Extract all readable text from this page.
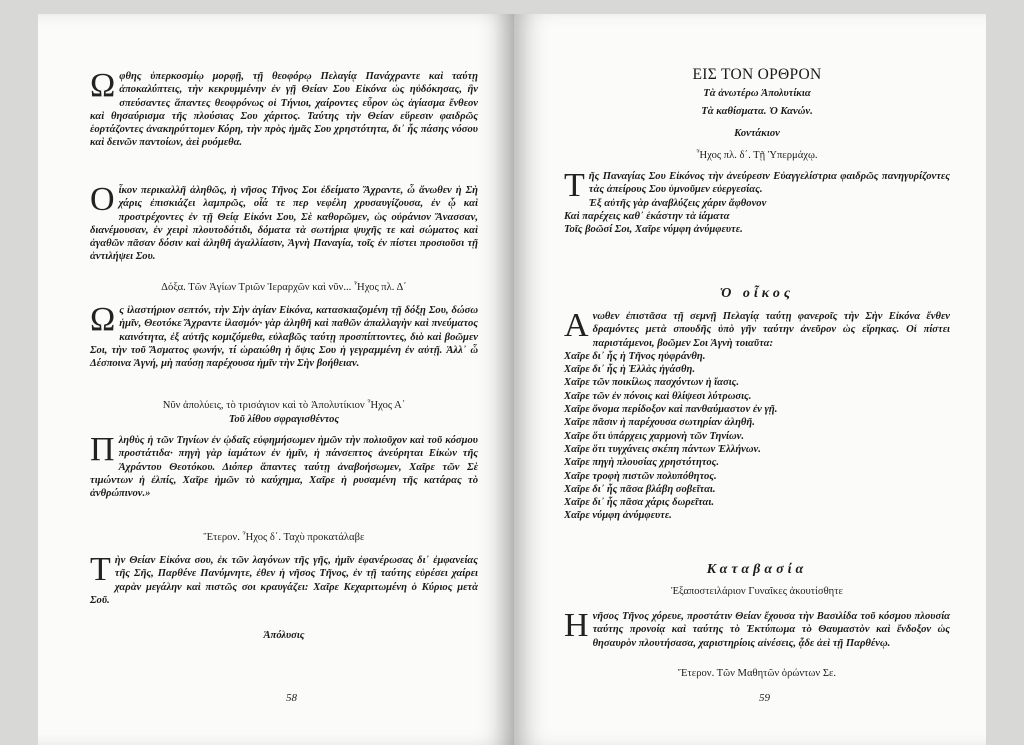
Ω φθης ὑπερκοσμίῳ μορφῇ, τῇ θεοφόρῳ Πελαγίᾳ Πανάχραντε καὶ ταύτῃ ἀποκαλύπτεις, τὴν κεκρυμμένην ἐν γῇ Θείαν Σου Εἰκόνα ὡς ηὐδόκησας, ἣν σπεύσαντες ἅπαντες θεοφρόνως οἱ Τήνιοι, χαίροντες εὗρον ὡς ἁγίασμα ἔνθεον καὶ θησαύρισμα τῆς πλούσιας Σου χάριτος. Ταύτης τὴν Θείαν εὕρεσιν φαιδρῶς ἑορτάζοντες ἀνακηρύττομεν Κόρη, τὴν πρὸς ἡμᾶς Σου χρηστότητα, δι᾿ ἧς πάσης νόσου καὶ δεινῶν παντοίων, ἀεὶ ρυόμεθα.

O ἶκον περικαλλῆ ἀληθῶς, ἡ νῆσος Τῆνος Σοι ἐδείματο Ἄχραντε, ὦ ἄνωθεν ἡ Σὴ χάρις ἐπισκιάζει λαμπρῶς, οἷά τε περ νεφέλη χρυσαυγίζουσα, ἐν ᾧ καὶ προστρέχοντες ἐν τῇ Θείᾳ Εἰκόνι Σου, Σὲ καθορῶμεν, ὡς οὐράνιον Ἄνασσαν, διανέμουσαν, ἐν χειρὶ πλουτοδότιδι, δόματα τὰ σωτήρια ψυχῆς τε καὶ σώματος καὶ ἀγαθῶν πᾶσαν δόσιν καὶ ἀληθῆ ἀγαλλίασιν, Ἁγνὴ Παναγία, τοῖς ἐν πίστει προσιοῦσι τῇ ἀντιλήψει Σου.

Δόξα. Τῶν Ἁγίων Τριῶν Ἱεραρχῶν καὶ νῦν... Ἦχος πλ. Δ΄

Ω ς ἱλαστήριον σεπτόν, τὴν Σὴν ἁγίαν Εἰκόνα, κατασκιαζομένη τῇ δόξῃ Σου, δώσω ἡμῖν, Θεοτόκε Ἄχραντε ἱλασμόν· γὰρ ἀληθῆ καὶ παθῶν ἀπαλλαγὴν καὶ πνεύματος καινότητα, ἐξ αὐτῆς κομιζόμεθα, εὐλαβῶς ταύτῃ προσπίπτοντες, διὸ καὶ βοῶμεν Σοι, τὴν τοῦ Ἄσματος φωνήν, τί ὡραιώθη ἡ ὄψις Σου ἡ γεγραμμένη ἐν αὐτῇ. Ἀλλ᾿ ὦ Δέσποινα Ἁγνή, μὴ παύσῃ παρέχουσα ἡμῖν τὴν Σὴν βοήθειαν.

Νῦν ἀπολύεις, τὸ τρισάγιον καὶ τὸ Ἀπολυτίκιον Ἦχος Α΄
Τοῦ λίθου σφραγισθέντος

Π ληθὺς ἡ τῶν Τηνίων ἐν ᾠδαῖς εὐφημήσωμεν ἡμῶν τὴν πολιοῦχον καὶ τοῦ κόσμου προστάτιδα· πηγὴ γὰρ ἰαμάτων ἐν ἡμῖν, ἡ πάνσεπτος ἀνεύρηται Εἰκὼν τῆς Ἀχράντου Θεοτόκου. Διόπερ ἅπαντες ταύτῃ ἀναβοήσωμεν, Χαῖρε τῶν Σὲ τιμώντων ἡ ἐλπίς, Χαῖρε ἡμῶν τὸ καύχημα, Χαῖρε ἡ ρυσαμένη τῆς κατάρας τὸ ἀνθρώπινον.»

Ἕτερον. Ἦχος δ΄. Ταχὺ προκατάλαβε

T ὴν Θείαν Εἰκόνα σου, ἐκ τῶν λαγόνων τῆς γῆς, ἡμῖν ἐφανέρωσας δι᾿ ἐμφανείας τῆς Σῆς, Παρθένε Πανύμνητε, ἐθεν ἡ νῆσος Τῆνος, ἐν τῇ ταύτης εὑρέσει χαίρει χαρὰν μεγάλην καὶ πιστῶς σοι κραυγάζει: Χαῖρε Κεχαριτωμένη ὁ Κύριος μετὰ Σοῦ.

Ἀπόλυσις
58
ΕΙΣ ΤΟΝ ΟΡΘΡΟΝ
Τὰ ἀνωτέρω Ἀπολυτίκια
Τὰ καθίσματα. Ὁ Κανών.
Κοντάκιον
Ἦχος πλ. δ΄. Τῇ Ὑπερμάχῳ.

T ῆς Παναγίας Σου Εἰκόνος τὴν ἀνεύρεσιν Εὐαγγελίστρια φαιδρῶς πανηγυρίζοντες τὰς ἀπείρους Σου ὑμνοῦμεν εὐεργεσίας.
Ἐξ αὐτῆς γὰρ ἀναβλύζεις χάριν ἄφθονον
Καὶ παρέχεις καθ᾿ ἑκάστην τὰ ἰάματα
Τοῖς βοῶσί Σοι, Χαῖρε νύμφη ἀνύμφευτε.

Ὁ οἶκος

A νωθεν ἐπιστᾶσα τῇ σεμνῇ Πελαγίᾳ ταύτῃ φανεροῖς τὴν Σὴν Εἰκόνα ἔνθεν δραμόντες μετὰ σπουδῆς ὑπὸ γῆν ταύτην ἀνεῦρον ὡς εἴρηκας. Οἱ πίστει παριστάμενοι, βοῶμεν Σοι Ἁγνὴ τοιαῦτα:
Χαῖρε δι᾿ ἧς ἡ Τῆνος ηὐφράνθη.
Χαῖρε δι᾿ ἧς ἡ Ἑλλὰς ἠγάσθη.
Χαῖρε τῶν ποικίλως πασχόντων ἡ ἴασις.
Χαῖρε τῶν ἐν πόνοις καὶ θλίψεσι λύτρωσις.
Χαῖρε ὄνομα περίδοξον καὶ πανθαύμαστον ἐν γῇ.
Χαῖρε πᾶσιν ἡ παρέχουσα σωτηρίαν ἀληθῆ.
Χαῖρε ὅτι ὑπάρχεις χαρμονὴ τῶν Τηνίων.
Χαῖρε ὅτι τυγχάνεις σκέπη πάντων Ἑλλήνων.
Χαῖρε πηγὴ πλουσίας χρηστότητος.
Χαῖρε τροφὴ πιστῶν πολυπόθητος.
Χαῖρε δι᾿ ἧς πᾶσα βλάβη σοβεῖται.
Χαῖρε δι᾿ ἧς πᾶσα χάρις δωρεῖται.
Χαῖρε νύμφη ἀνύμφευτε.

Καταβασία
Ἐξαποστειλάριον Γυναῖκες ἀκουτίσθητε

H νῆσος Τῆνος χόρευε, προστάτιν Θείαν ἔχουσα τὴν Βασιλίδα τοῦ κόσμου πλουσία ταύτης προνοίᾳ καὶ ταύτης τὸ Ἐκτύπωμα τὸ Θαυμαστὸν καὶ ἔνδοξον ὡς θησαυρὸν πλουτήσασα, χαριστηρίοις αἰνέσεις, ᾆδε ἀεὶ τῇ Παρθένῳ.

Ἕτερον. Τῶν Μαθητῶν ὁρώντων Σε.
59
